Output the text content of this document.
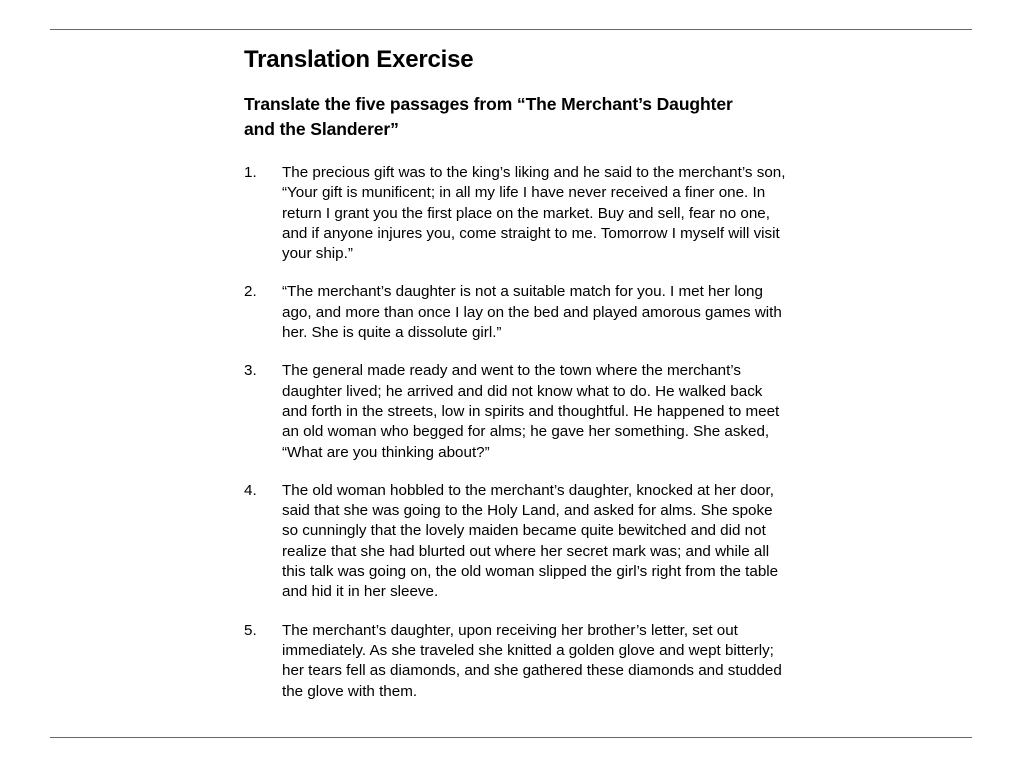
Translation Exercise
Translate the five passages from “The Merchant’s Daughter and the Slanderer”
1. The precious gift was to the king’s liking and he said to the merchant’s son, “Your gift is munificent; in all my life I have never received a finer one. In return I grant you the first place on the market. Buy and sell, fear no one, and if anyone injures you, come straight to me. Tomorrow I myself will visit your ship.”
2. “The merchant’s daughter is not a suitable match for you. I met her long ago, and more than once I lay on the bed and played amorous games with her. She is quite a dissolute girl.”
3. The general made ready and went to the town where the merchant’s daughter lived; he arrived and did not know what to do. He walked back and forth in the streets, low in spirits and thoughtful. He happened to meet an old woman who begged for alms; he gave her something. She asked, “What are you thinking about?”
4. The old woman hobbled to the merchant’s daughter, knocked at her door, said that she was going to the Holy Land, and asked for alms. She spoke so cunningly that the lovely maiden became quite bewitched and did not realize that she had blurted out where her secret mark was; and while all this talk was going on, the old woman slipped the girl’s right from the table and hid it in her sleeve.
5. The merchant’s daughter, upon receiving her brother’s letter, set out immediately. As she traveled she knitted a golden glove and wept bitterly; her tears fell as diamonds, and she gathered these diamonds and studded the glove with them.
